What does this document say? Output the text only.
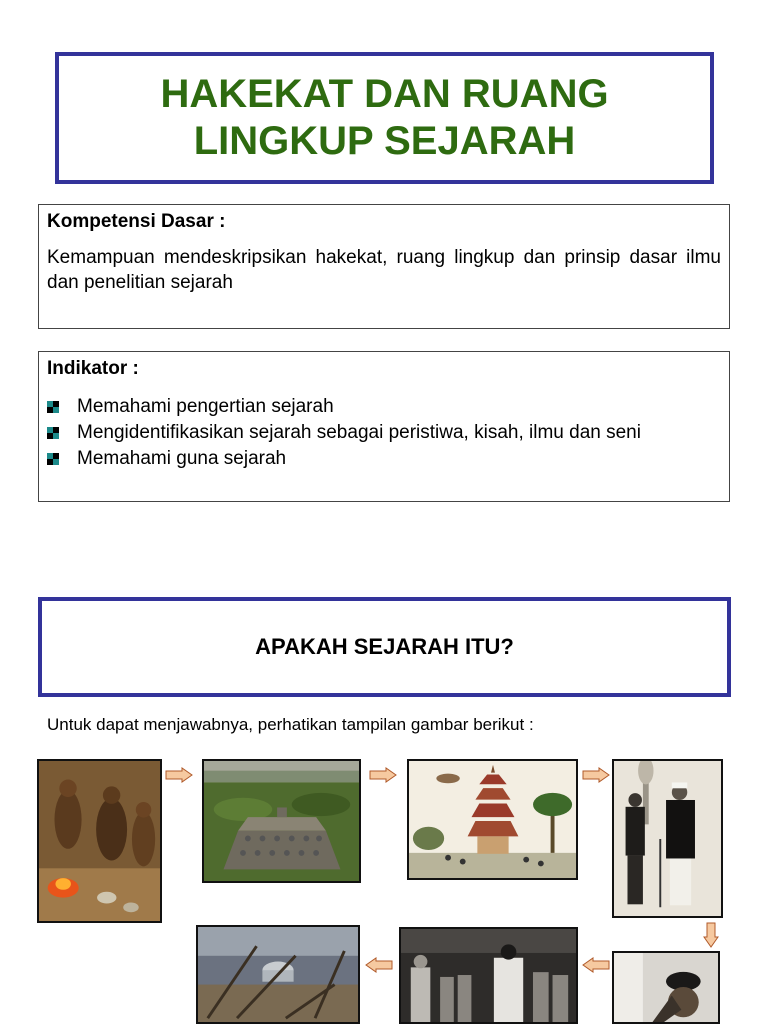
HAKEKAT DAN RUANG
LINGKUP SEJARAH
Kompetensi Dasar :
Kemampuan mendeskripsikan hakekat, ruang lingkup dan prinsip dasar ilmu dan penelitian sejarah
Indikator :
Memahami pengertian sejarah
Mengidentifikasikan sejarah sebagai peristiwa, kisah, ilmu dan seni
Memahami guna sejarah
APAKAH SEJARAH ITU?
Untuk dapat menjawabnya, perhatikan tampilan gambar berikut :
